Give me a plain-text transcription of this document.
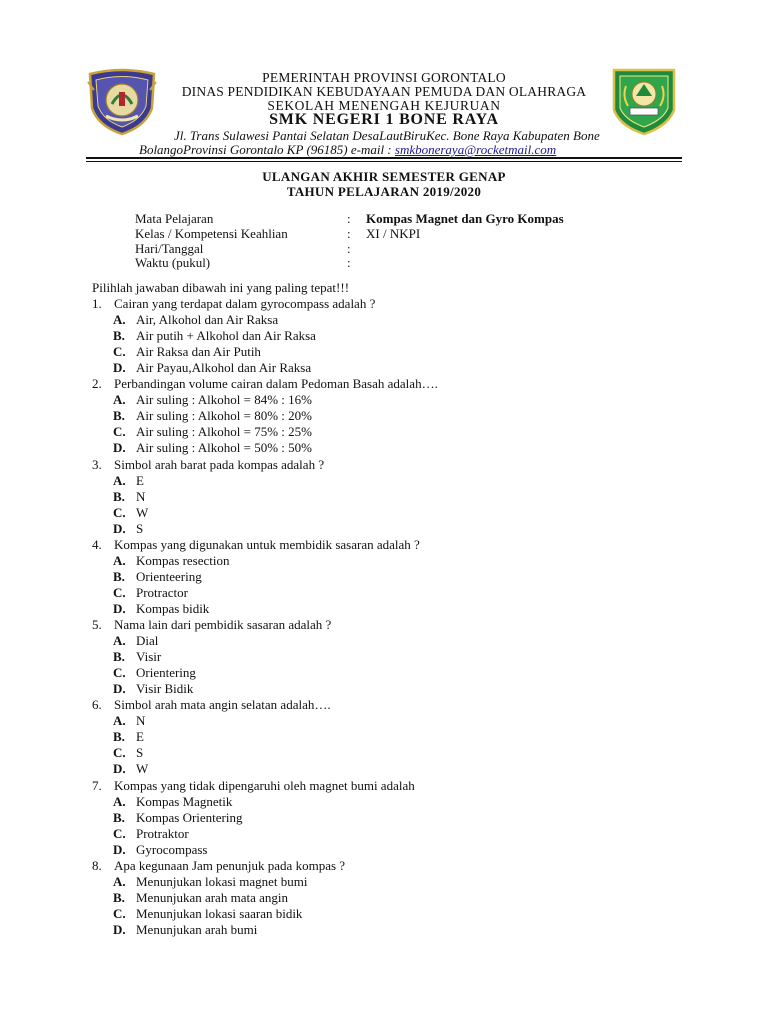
PEMERINTAH PROVINSI GORONTALO
DINAS PENDIDIKAN KEBUDAYAAN PEMUDA DAN OLAHRAGA
SEKOLAH MENENGAH KEJURUAN
SMK NEGERI 1 BONE RAYA
Jl. Trans Sulawesi Pantai Selatan DesaLautBiruKec. Bone Raya Kabupaten Bone
BolangoProvinsi Gorontalo KP (96185) e-mail : smkboneraya@rocketmail.com
ULANGAN AKHIR SEMESTER GENAP
TAHUN PELAJARAN 2019/2020
Mata Pelajaran	: Kompas Magnet dan Gyro Kompas
Kelas / Kompetensi Keahlian	: XI / NKPI
Hari/Tanggal	:
Waktu (pukul)	:
Pilihlah jawaban dibawah ini yang paling tepat!!!
1. Cairan yang terdapat dalam gyrocompass adalah ?
A. Air, Alkohol dan Air Raksa
B. Air putih + Alkohol dan Air Raksa
C. Air Raksa dan Air Putih
D. Air Payau,Alkohol dan Air Raksa
2. Perbandingan volume cairan dalam Pedoman Basah adalah….
A. Air suling : Alkohol = 84% : 16%
B. Air suling : Alkohol = 80% : 20%
C. Air suling : Alkohol = 75% : 25%
D. Air suling : Alkohol = 50% : 50%
3. Simbol arah barat pada kompas adalah ?
A. E
B. N
C. W
D. S
4. Kompas yang digunakan untuk membidik sasaran adalah ?
A. Kompas resection
B. Orienteering
C. Protractor
D. Kompas bidik
5. Nama lain dari pembidik sasaran adalah ?
A. Dial
B. Visir
C. Orientering
D. Visir Bidik
6. Simbol arah mata angin selatan adalah….
A. N
B. E
C. S
D. W
7. Kompas yang tidak dipengaruhi oleh magnet bumi adalah
A. Kompas Magnetik
B. Kompas Orientering
C. Protraktor
D. Gyrocompass
8. Apa kegunaan Jam penunjuk pada kompas ?
A. Menunjukan lokasi magnet bumi
B. Menunjukan arah mata angin
C. Menunjukan lokasi saaran bidik
D. Menunjukan arah bumi
